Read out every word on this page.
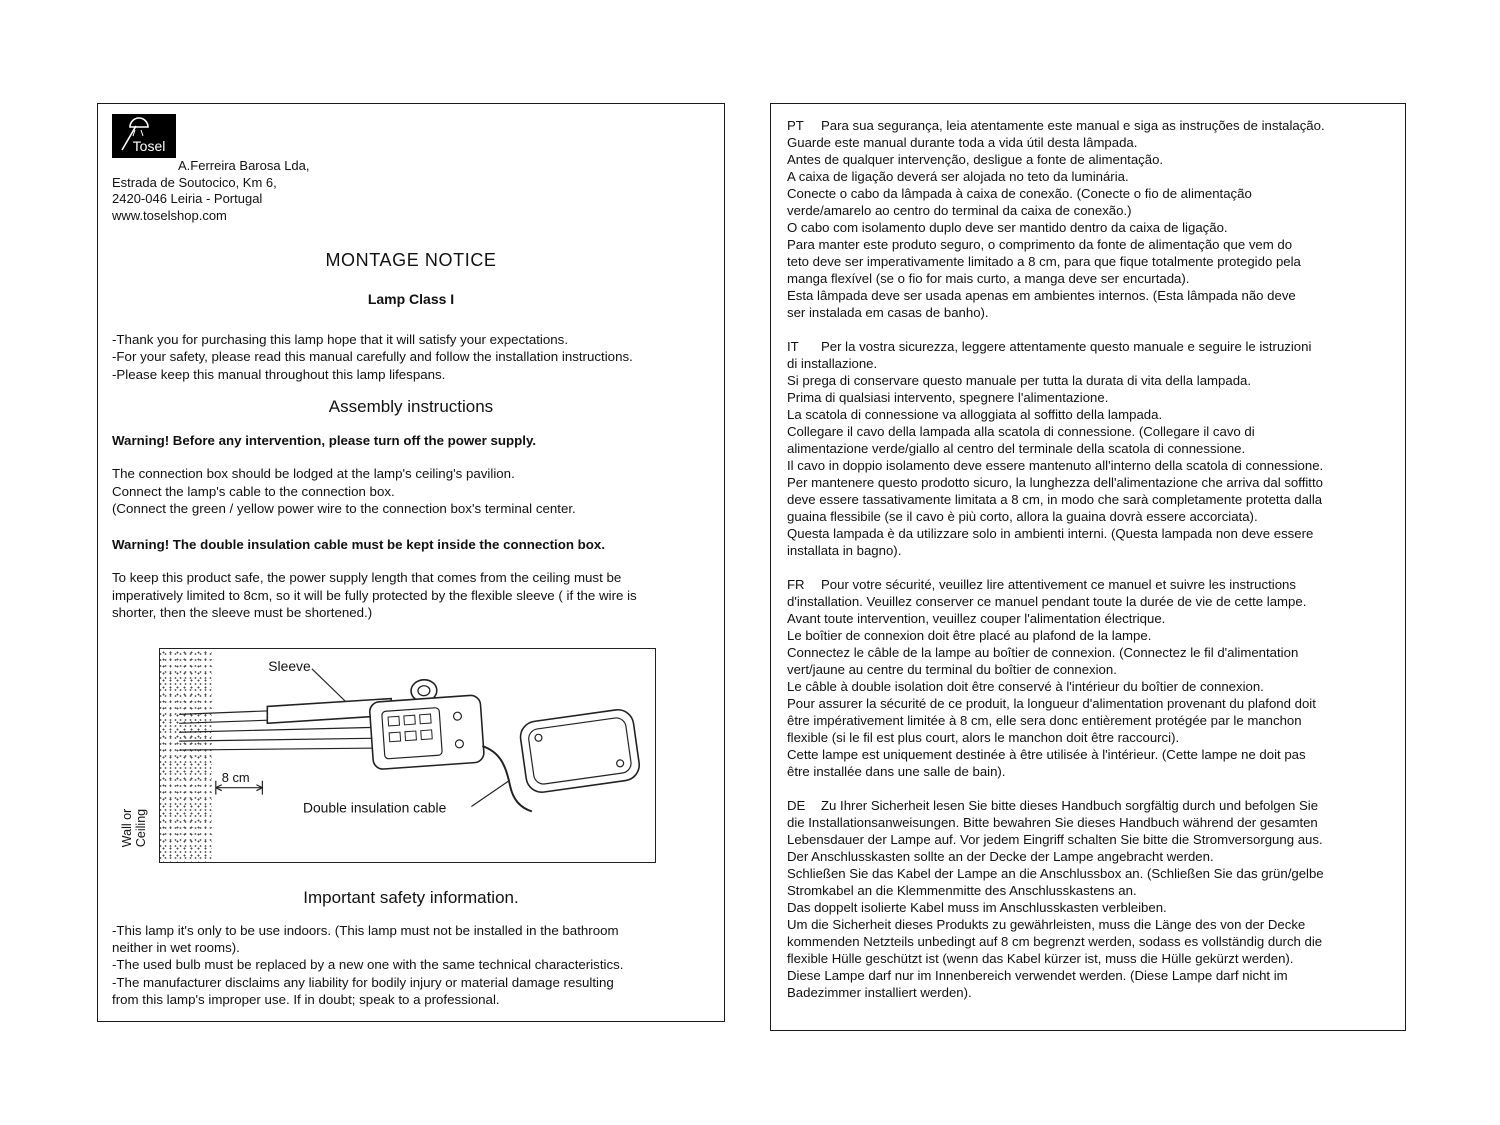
Tosel
A.Ferreira Barosa Lda,
Estrada de Soutocico, Km 6,
2420-046 Leiria - Portugal
www.toselshop.com
MONTAGE NOTICE
Lamp Class I
-Thank you for purchasing this lamp hope that it will satisfy your expectations.
-For your safety, please read this manual carefully and follow the installation instructions.
-Please keep this manual throughout this lamp lifespans.
Assembly instructions
Warning! Before any intervention, please turn off the power supply.
The connection box should be lodged at the lamp's ceiling's pavilion.
Connect the lamp's cable to the connection box.
(Connect the green / yellow power wire to the connection box's terminal center.
Warning! The double insulation cable must be kept inside the connection box.
To keep this product safe, the power supply length that comes from the ceiling must be
imperatively limited to 8cm, so it will be fully protected by the flexible sleeve ( if the wire is
shorter, then the sleeve must be shortened.)
Wall or Ceiling
Sleeve
8 cm
Double insulation cable
Important safety information.
-This lamp it's only to be use indoors. (This lamp must not be installed in the bathroom
neither in wet rooms).
-The used bulb must be replaced by a new one with the same technical characteristics.
-The manufacturer disclaims any liability for bodily injury or material damage resulting
from this lamp's improper use. If in doubt; speak to a professional.
PT Para sua segurança, leia atentamente este manual e siga as instruções de instalação.
Guarde este manual durante toda a vida útil desta lâmpada.
Antes de qualquer intervenção, desligue a fonte de alimentação.
A caixa de ligação deverá ser alojada no teto da luminária.
Conecte o cabo da lâmpada à caixa de conexão. (Conecte o fio de alimentação
verde/amarelo ao centro do terminal da caixa de conexão.)
O cabo com isolamento duplo deve ser mantido dentro da caixa de ligação.
Para manter este produto seguro, o comprimento da fonte de alimentação que vem do
teto deve ser imperativamente limitado a 8 cm, para que fique totalmente protegido pela
manga flexível (se o fio for mais curto, a manga deve ser encurtada).
Esta lâmpada deve ser usada apenas em ambientes internos. (Esta lâmpada não deve
ser instalada em casas de banho).
IT Per la vostra sicurezza, leggere attentamente questo manuale e seguire le istruzioni
di installazione.
Si prega di conservare questo manuale per tutta la durata di vita della lampada.
Prima di qualsiasi intervento, spegnere l'alimentazione.
La scatola di connessione va alloggiata al soffitto della lampada.
Collegare il cavo della lampada alla scatola di connessione. (Collegare il cavo di
alimentazione verde/giallo al centro del terminale della scatola di connessione.
Il cavo in doppio isolamento deve essere mantenuto all'interno della scatola di connessione.
Per mantenere questo prodotto sicuro, la lunghezza dell'alimentazione che arriva dal soffitto
deve essere tassativamente limitata a 8 cm, in modo che sarà completamente protetta dalla
guaina flessibile (se il cavo è più corto, allora la guaina dovrà essere accorciata).
Questa lampada è da utilizzare solo in ambienti interni. (Questa lampada non deve essere
installata in bagno).
FR Pour votre sécurité, veuillez lire attentivement ce manuel et suivre les instructions
d'installation. Veuillez conserver ce manuel pendant toute la durée de vie de cette lampe.
Avant toute intervention, veuillez couper l'alimentation électrique.
Le boîtier de connexion doit être placé au plafond de la lampe.
Connectez le câble de la lampe au boîtier de connexion. (Connectez le fil d'alimentation
vert/jaune au centre du terminal du boîtier de connexion.
Le câble à double isolation doit être conservé à l'intérieur du boîtier de connexion.
Pour assurer la sécurité de ce produit, la longueur d'alimentation provenant du plafond doit
être impérativement limitée à 8 cm, elle sera donc entièrement protégée par le manchon
flexible (si le fil est plus court, alors le manchon doit être raccourci).
Cette lampe est uniquement destinée à être utilisée à l'intérieur. (Cette lampe ne doit pas
être installée dans une salle de bain).
DE Zu Ihrer Sicherheit lesen Sie bitte dieses Handbuch sorgfältig durch und befolgen Sie
die Installationsanweisungen. Bitte bewahren Sie dieses Handbuch während der gesamten
Lebensdauer der Lampe auf. Vor jedem Eingriff schalten Sie bitte die Stromversorgung aus.
Der Anschlusskasten sollte an der Decke der Lampe angebracht werden.
Schließen Sie das Kabel der Lampe an die Anschlussbox an. (Schließen Sie das grün/gelbe
Stromkabel an die Klemmenmitte des Anschlusskastens an.
Das doppelt isolierte Kabel muss im Anschlusskasten verbleiben.
Um die Sicherheit dieses Produkts zu gewährleisten, muss die Länge des von der Decke
kommenden Netzteils unbedingt auf 8 cm begrenzt werden, sodass es vollständig durch die
flexible Hülle geschützt ist (wenn das Kabel kürzer ist, muss die Hülle gekürzt werden).
Diese Lampe darf nur im Innenbereich verwendet werden. (Diese Lampe darf nicht im
Badezimmer installiert werden).
